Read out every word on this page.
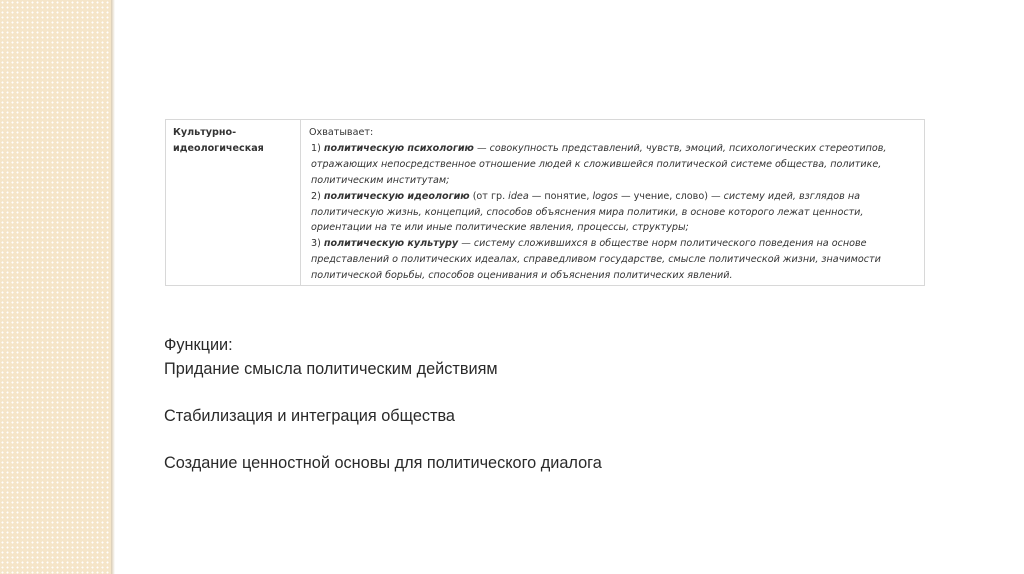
Культурно-
идеологическая
Охватывает:
1) политическую психологию — совокупность представлений, чувств, эмоций, психологических стереотипов, отражающих непосредственное отношение людей к сложившейся политической системе общества, политике, политическим институтам;
2) политическую идеологию (от гр. idea — понятие, logos — учение, слово) — систему идей, взглядов на политическую жизнь, концепций, способов объяснения мира политики, в основе которого лежат ценности, ориентации на те или иные политические явления, процессы, структуры;
3) политическую культуру — систему сложившихся в обществе норм политического поведения на основе представлений о политических идеалах, справедливом государстве, смысле политической жизни, значимости политической борьбы, способов оценивания и объяснения политических явлений.
Функции:
Придание смысла политическим действиям
Стабилизация и интеграция общества
Создание ценностной основы для политического диалога
